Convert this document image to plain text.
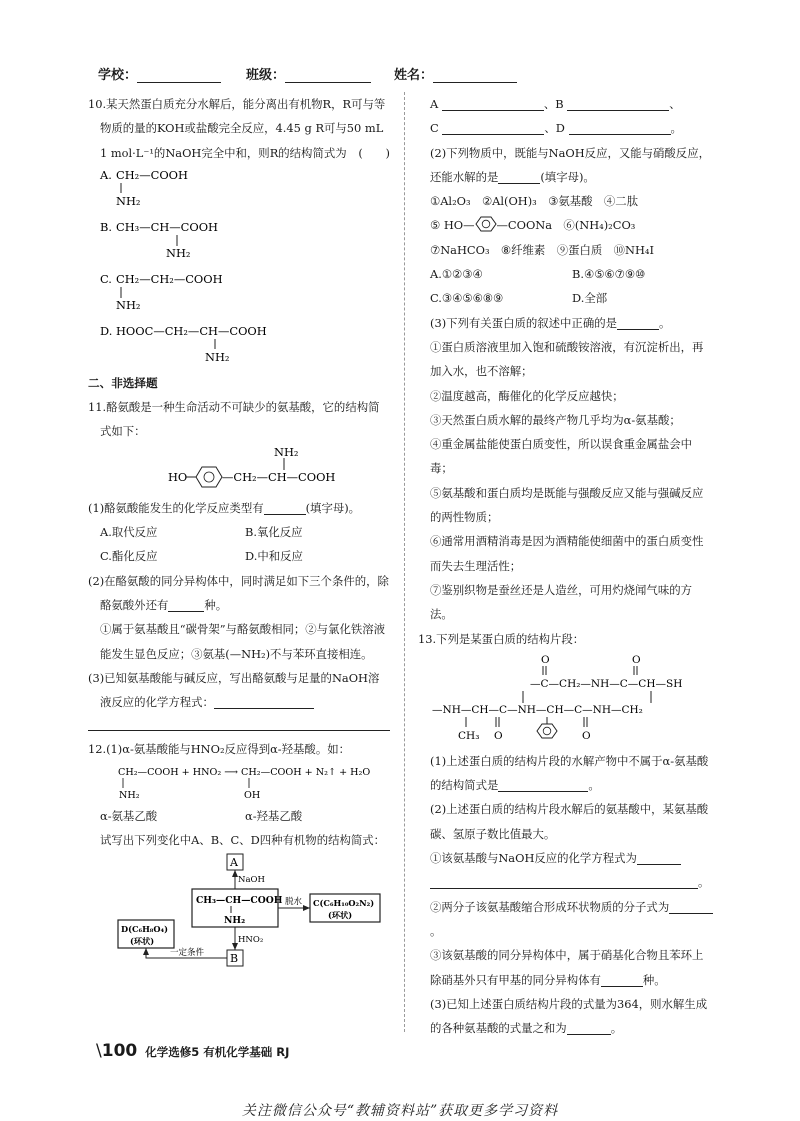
学校：	班级：	姓名：

10.某天然蛋白质充分水解后，能分离出有机物R，R可与等物质的量的KOH或盐酸完全反应，4.45 g R可与50 mL 1 mol·L⁻¹的NaOH完全中和，则R的结构简式为 (　　)

A. CH₂—COOH
NH₂
B. CH₃—CH—COOH
NH₂
C. CH₂—CH₂—COOH
NH₂
D. HOOC—CH₂—CH—COOH
NH₂

二、非选择题

11.酪氨酸是一种生命活动不可缺少的氨基酸，它的结构简式如下：

HO	—CH₂—CH—COOH
NH₂

(1)酪氨酸能发生的化学反应类型有	(填字母)。

A.取代反应	B.氧化反应
C.酯化反应	D.中和反应

(2)在酪氨酸的同分异构体中，同时满足如下三个条件的，除酪氨酸外还有	种。

①属于氨基酸且“碳骨架”与酪氨酸相同；②与氯化铁溶液能发生显色反应；③氨基(—NH₂)不与苯环直接相连。

(3)已知氨基酸能与碱反应，写出酪氨酸与足量的NaOH溶液反应的化学方程式：

12.(1)α-氨基酸能与HNO₂反应得到α-羟基酸。如：

CH₂—COOH + HNO₂ ⟶ CH₂—COOH + N₂↑ + H₂O
NH₂	OH
α-氨基乙酸	α-羟基乙酸

试写出下列变化中A、B、C、D四种有机物的结构简式：

A
NaOH
CH₃—CH—COOH
NH₂
脱水 C(C₆H₁₀O₂N₂)
(环状)
HNO₂
B
D(C₆H₈O₄)
(环状)
一定条件

A	、B	、

C	、D	。

(2)下列物质中，既能与NaOH反应，又能与硝酸反应，还能水解的是	(填字母)。

①Al₂O₃　②Al(OH)₃　③氨基酸　④二肽

⑤ HO— —COONa　⑥(NH₄)₂CO₃

⑦NaHCO₃　⑧纤维素　⑨蛋白质　⑩NH₄I

A.①②③④	B.④⑤⑥⑦⑨⑩
C.③④⑤⑥⑧⑨	D.全部

(3)下列有关蛋白质的叙述中正确的是	。

①蛋白质溶液里加入饱和硫酸铵溶液，有沉淀析出，再加入水，也不溶解；

②温度越高，酶催化的化学反应越快；

③天然蛋白质水解的最终产物几乎均为α-氨基酸；

④重金属盐能使蛋白质变性，所以误食重金属盐会中毒；

⑤氨基酸和蛋白质均是既能与强酸反应又能与强碱反应的两性物质；

⑥通常用酒精消毒是因为酒精能使细菌中的蛋白质变性而失去生理活性；

⑦鉴别织物是蚕丝还是人造丝，可用灼烧闻气味的方法。

13.下列是某蛋白质的结构片段：

O	O
—C—CH₂—NH—C—CH—SH
—NH—CH—C—NH—CH—C—NH—CH₂
CH₃ O	O

(1)上述蛋白质的结构片段的水解产物中不属于α-氨基酸的结构简式是	。

(2)上述蛋白质的结构片段水解后的氨基酸中，某氨基酸碳、氢原子数比值最大。

①该氨基酸与NaOH反应的化学方程式为

。

②两分子该氨基酸缩合形成环状物质的分子式为。

③该氨基酸的同分异构体中，属于硝基化合物且苯环上除硝基外只有甲基的同分异构体有	种。

(3)已知上述蛋白质结构片段的式量为364，则水解生成的各种氨基酸的式量之和为	。

\100 化学选修5 有机化学基础 RJ
关注微信公众号“教辅资料站”获取更多学习资料
